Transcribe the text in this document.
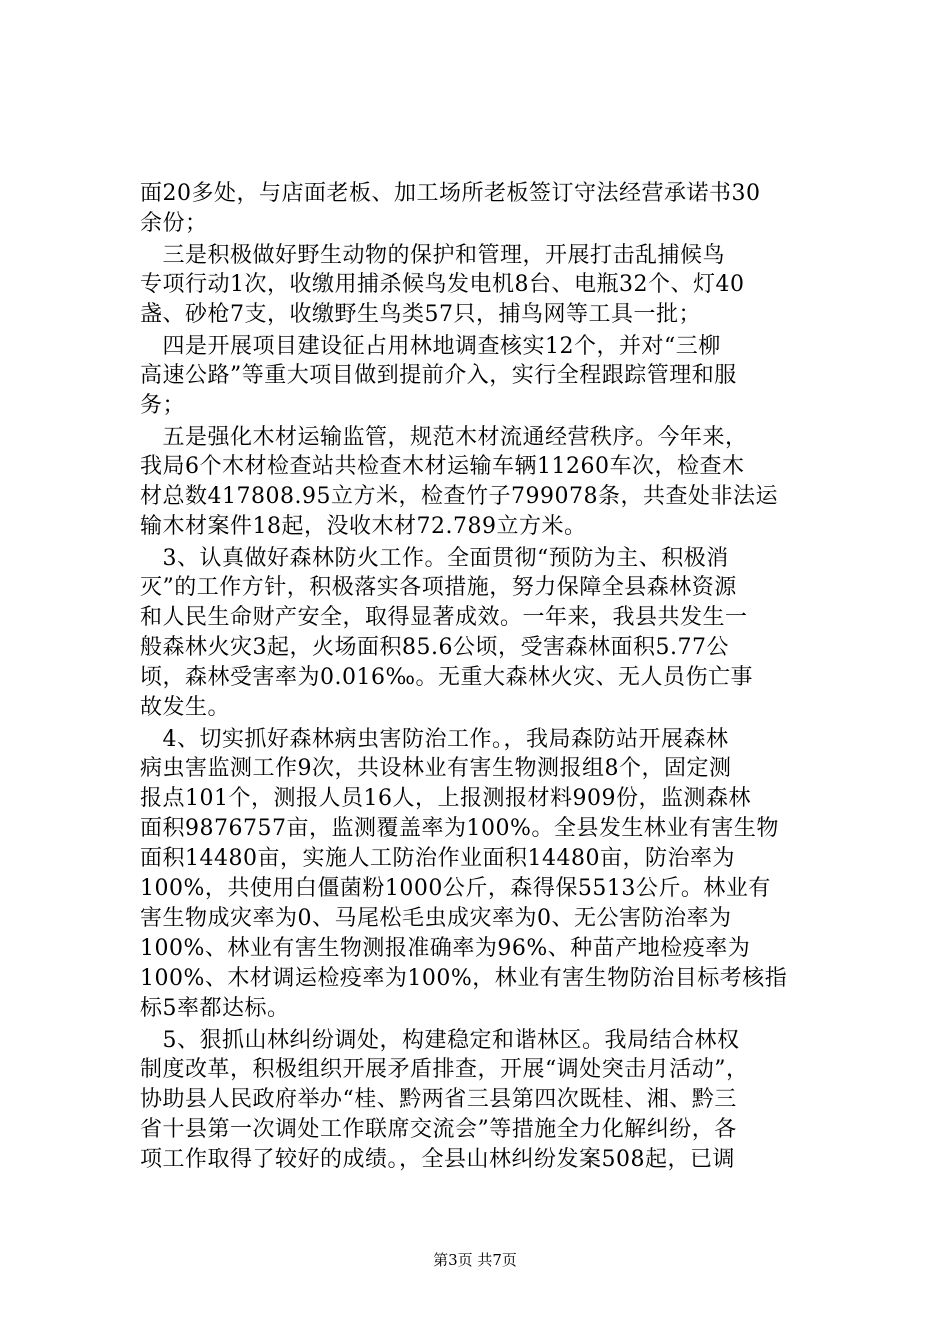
面20多处，与店面老板、加工场所老板签订守法经营承诺书30
余份；
　三是积极做好野生动物的保护和管理，开展打击乱捕候鸟
专项行动1次，收缴用捕杀候鸟发电机8台、电瓶32个、灯40
盏、砂枪7支，收缴野生鸟类57只，捕鸟网等工具一批；
　四是开展项目建设征占用林地调查核实12个，并对“三柳
高速公路”等重大项目做到提前介入，实行全程跟踪管理和服
务；
　五是强化木材运输监管，规范木材流通经营秩序。今年来，
我局6个木材检查站共检查木材运输车辆11260车次，检查木
材总数417808.95立方米，检查竹子799078条，共查处非法运
输木材案件18起，没收木材72.789立方米。
　3、认真做好森林防火工作。全面贯彻“预防为主、积极消
灭”的工作方针，积极落实各项措施，努力保障全县森林资源
和人民生命财产安全，取得显著成效。一年来，我县共发生一
般森林火灾3起，火场面积85.6公顷，受害森林面积5.77公
顷，森林受害率为0.016‰。无重大森林火灾、无人员伤亡事
故发生。
　4、切实抓好森林病虫害防治工作。，我局森防站开展森林
病虫害监测工作9次，共设林业有害生物测报组8个，固定测
报点101个，测报人员16人，上报测报材料909份，监测森林
面积9876757亩，监测覆盖率为100%。全县发生林业有害生物
面积14480亩，实施人工防治作业面积14480亩，防治率为
100%，共使用白僵菌粉1000公斤，森得保5513公斤。林业有
害生物成灾率为0、马尾松毛虫成灾率为0、无公害防治率为
100%、林业有害生物测报准确率为96%、种苗产地检疫率为
100%、木材调运检疫率为100%，林业有害生物防治目标考核指
标5率都达标。
　5、狠抓山林纠纷调处，构建稳定和谐林区。我局结合林权
制度改革，积极组织开展矛盾排查，开展“调处突击月活动”，
协助县人民政府举办“桂、黔两省三县第四次既桂、湘、黔三
省十县第一次调处工作联席交流会”等措施全力化解纠纷，各
项工作取得了较好的成绩。，全县山林纠纷发案508起，已调
第3页 共7页
